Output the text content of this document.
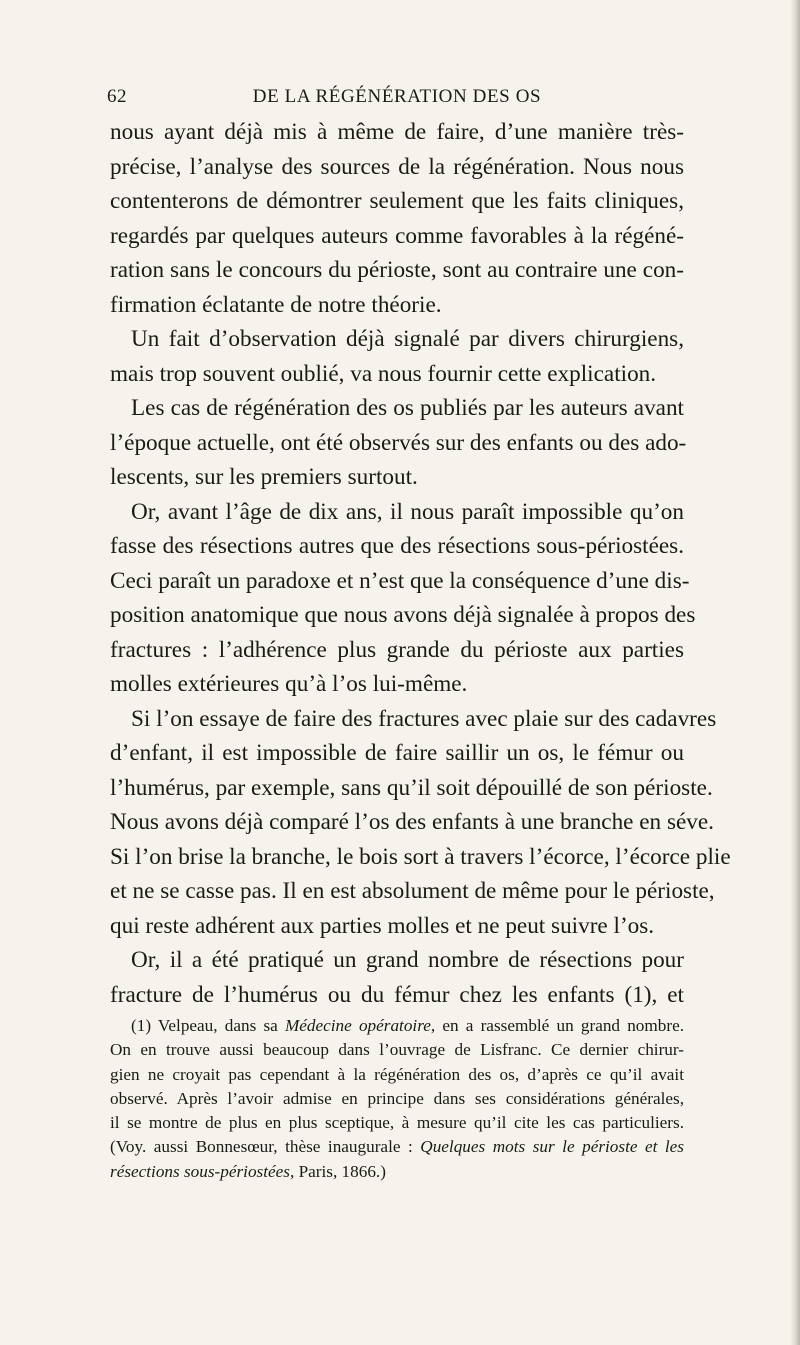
62	DE LA RÉGÉNÉRATION DES OS
nous ayant déjà mis à même de faire, d’une manière très-
précise, l’analyse des sources de la régénération. Nous nous
contenterons de démontrer seulement que les faits cliniques,
regardés par quelques auteurs comme favorables à la régéné-
ration sans le concours du périoste, sont au contraire une con-
firmation éclatante de notre théorie.
Un fait d’observation déjà signalé par divers chirurgiens,
mais trop souvent oublié, va nous fournir cette explication.
Les cas de régénération des os publiés par les auteurs avant
l’époque actuelle, ont été observés sur des enfants ou des ado-
lescents, sur les premiers surtout.
Or, avant l’âge de dix ans, il nous paraît impossible qu’on
fasse des résections autres que des résections sous-périostées.
Ceci paraît un paradoxe et n’est que la conséquence d’une dis-
position anatomique que nous avons déjà signalée à propos des
fractures : l’adhérence plus grande du périoste aux parties
molles extérieures qu’à l’os lui-même.
Si l’on essaye de faire des fractures avec plaie sur des cadavres
d’enfant, il est impossible de faire saillir un os, le fémur ou
l’humérus, par exemple, sans qu’il soit dépouillé de son périoste.
Nous avons déjà comparé l’os des enfants à une branche en séve.
Si l’on brise la branche, le bois sort à travers l’écorce, l’écorce plie
et ne se casse pas. Il en est absolument de même pour le périoste,
qui reste adhérent aux parties molles et ne peut suivre l’os.
Or, il a été pratiqué un grand nombre de résections pour
fracture de l’humérus ou du fémur chez les enfants (1), et
(1) Velpeau, dans sa Médecine opératoire, en a rassemblé un grand nombre.
On en trouve aussi beaucoup dans l’ouvrage de Lisfranc. Ce dernier chirur-
gien ne croyait pas cependant à la régénération des os, d’après ce qu’il avait
observé. Après l’avoir admise en principe dans ses considérations générales,
il se montre de plus en plus sceptique, à mesure qu’il cite les cas particuliers.
(Voy. aussi Bonnesœur, thèse inaugurale : Quelques mots sur le périoste et les
résections sous-périostées, Paris, 1866.)
